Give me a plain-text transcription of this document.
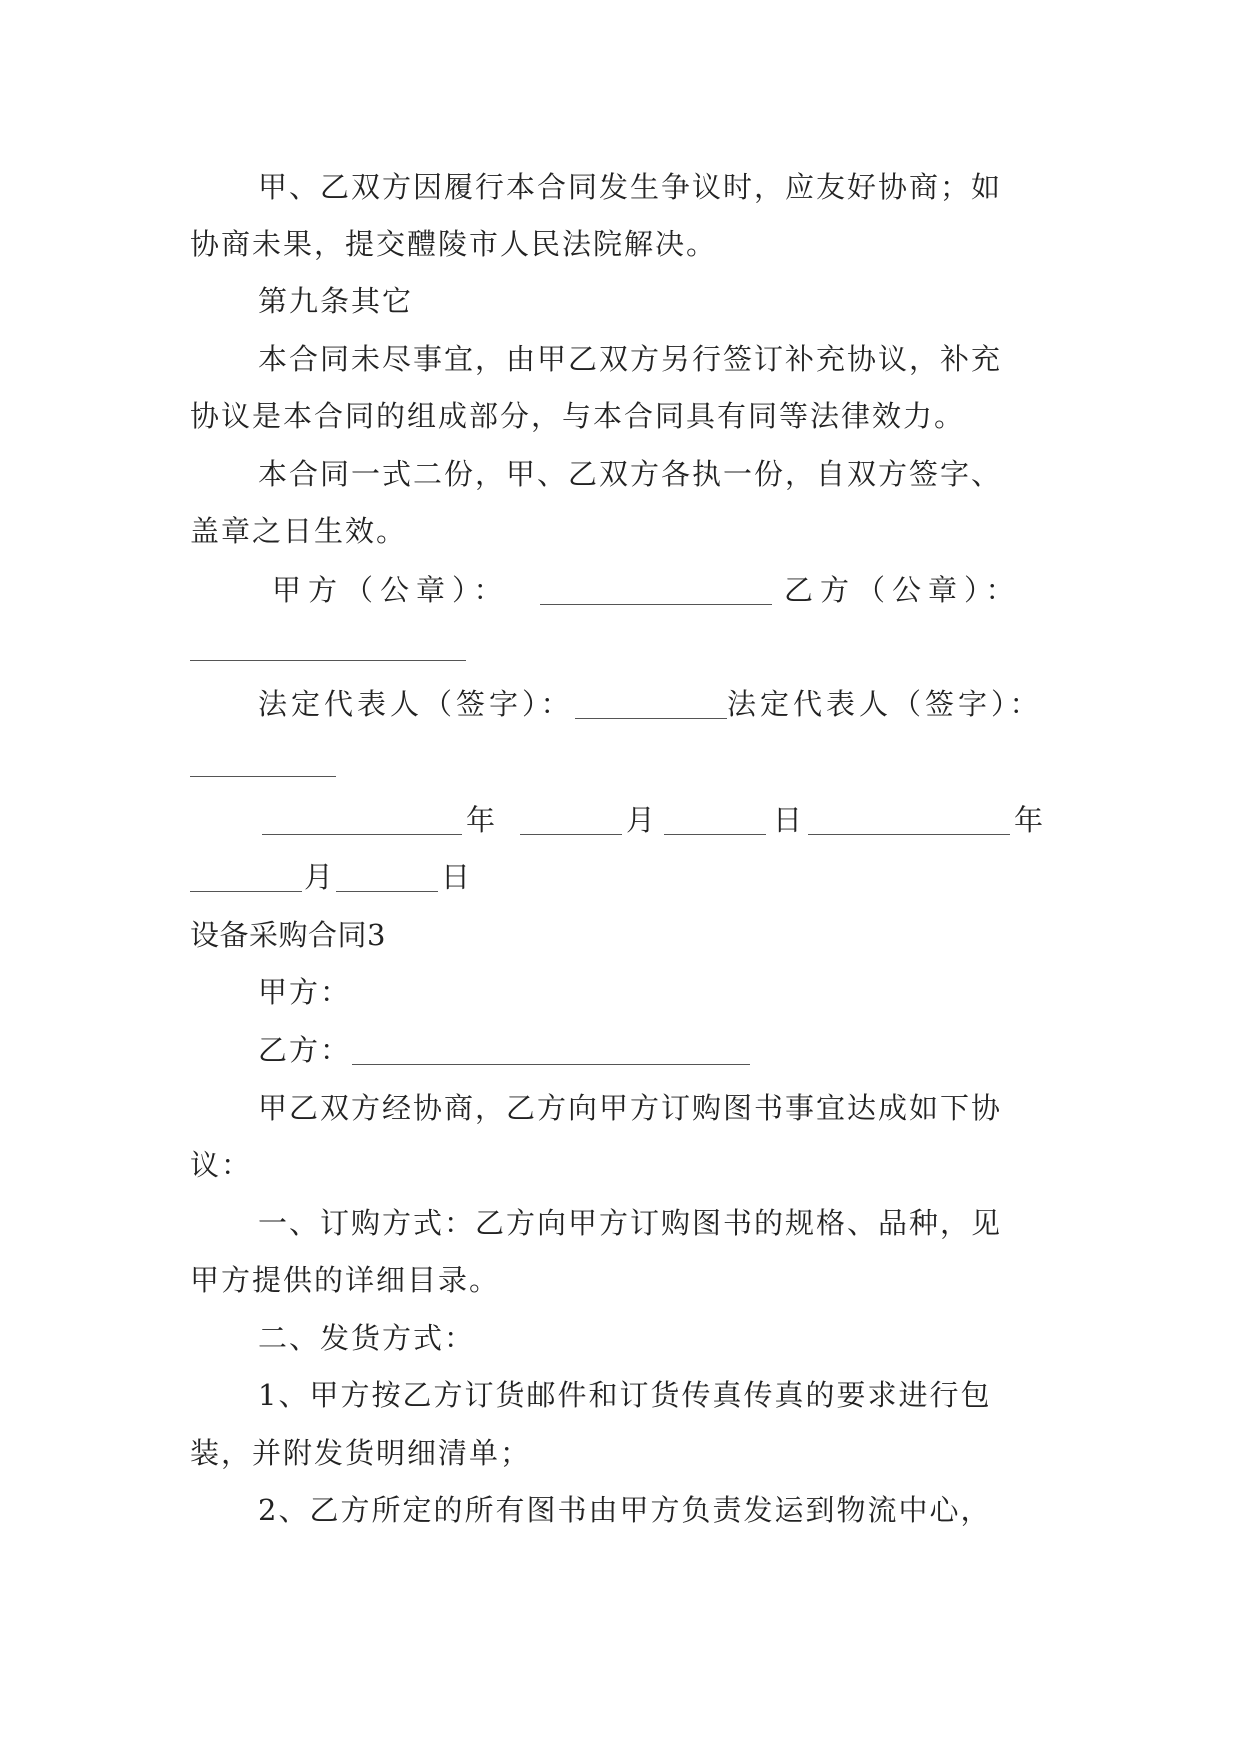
甲、乙双方因履行本合同发生争议时，应友好协商；如
协商未果，提交醴陵市人民法院解决。
第九条其它
本合同未尽事宜，由甲乙双方另行签订补充协议，补充
协议是本合同的组成部分，与本合同具有同等法律效力。
本合同一式二份，甲、乙双方各执一份，自双方签字、
盖章之日生效。
甲方（公章）：	乙方（公章）：
法定代表人（签字）：	法定代表人（签字）：
年	月	日	年
月	日
设备采购合同3
甲方：
乙方：
甲乙双方经协商，乙方向甲方订购图书事宜达成如下协
议：
一、订购方式：乙方向甲方订购图书的规格、品种，见
甲方提供的详细目录。
二、发货方式：
1、甲方按乙方订货邮件和订货传真传真的要求进行包
装，并附发货明细清单；
2、乙方所定的所有图书由甲方负责发运到物流中心，
